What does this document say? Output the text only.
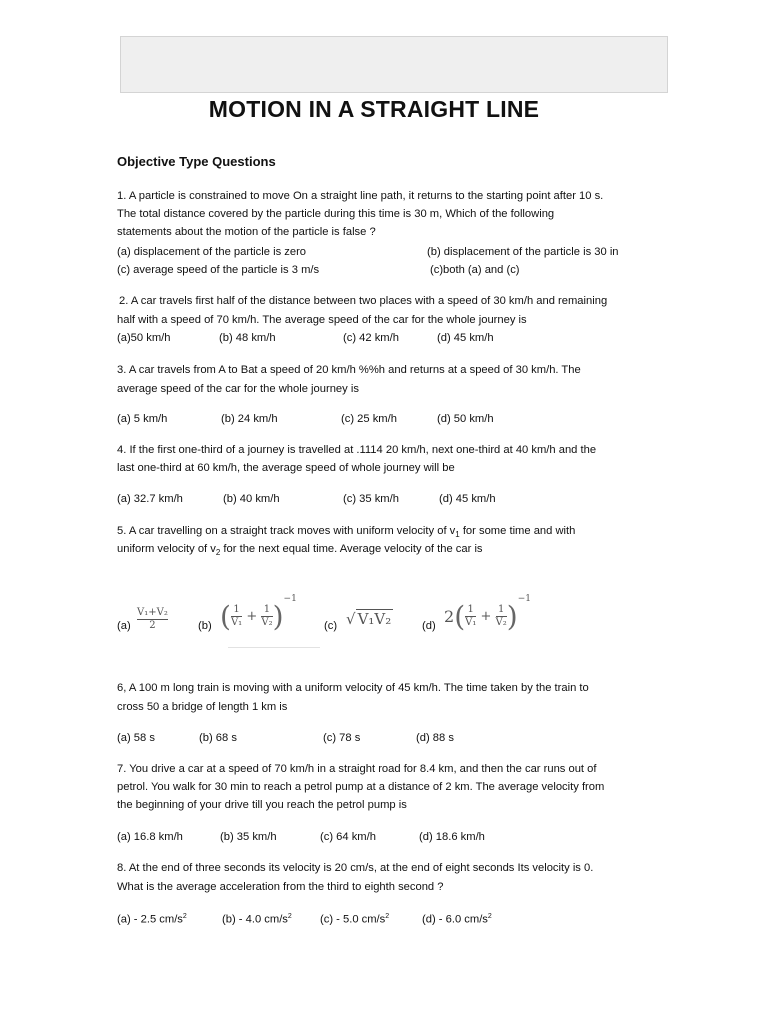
MOTION IN A STRAIGHT LINE
Objective Type Questions
1. A particle is constrained to move On a straight line path, it returns to the starting point after 10 s.
The total distance covered by the particle during this time is 30 m, Which of the following
statements about the motion of the particle is false ?
(a) displacement of the particle is zero	(b) displacement of the particle is 30 in
(c) average speed of the particle is 3 m/s	(c)both (a) and (c)
2. A car travels first half of the distance between two places with a speed of 30 km/h and remaining
half with a speed of 70 km/h. The average speed of the car for the whole journey is
(a)50 km/h	(b) 48 km/h	(c) 42 km/h	(d) 45 km/h
3. A car travels from A to Bat a speed of 20 km/h %%h and returns at a speed of 30 km/h. The
average speed of the car for the whole journey is
(a) 5 km/h	(b) 24 km/h	(c) 25 km/h	(d) 50 km/h
4. If the first one-third of a journey is travelled at .1114 20 km/h, next one-third at 40 km/h and the
last one-third at 60 km/h, the average speed of whole journey will be
(a) 32.7 km/h	(b) 40 km/h	(c) 35 km/h	(d) 45 km/h
5. A car travelling on a straight track moves with uniform velocity of $v_1$ for some time and with
uniform velocity of $v_2$ for the next equal time. Average velocity of the car is
$(a) \frac{\text{V₁+V₂}}{2}$	(b) ( $\frac{1}{\text{V₁}} + \frac{1}{\text{V₂}} )^{-1}$
(c) √ V₁V₂	(d) $2( \frac{1}{\text{V₁}} + \frac{1}{\text{V₂}} )^{-1}$
6, A 100 m long train is moving with a uniform velocity of 45 km/h. The time taken by the train to
cross 50 a bridge of length 1 km is
(a) 58 s	(b) 68 s	(c) 78 s	(d) 88 s
7. You drive a car at a speed of 70 km/h in a straight road for 8.4 km, and then the car runs out of
petrol. You walk for 30 min to reach a petrol pump at a distance of 2 km. The average velocity from
the beginning of your drive till you reach the petrol pump is
(a) 16.8 km/h	(b) 35 km/h	(c) 64 km/h	(d) 18.6 km/h
8. At the end of three seconds its velocity is 20 cm/s, at the end of eight seconds Its velocity is 0.
What is the average acceleration from the third to eighth second ?
(a) - 2.5 $cm/s^2$	(b) - 4.0 $cm/s^2$	(c) - 5.0 $cm/s^2$	(d) - 6.0 $cm/s^2$
